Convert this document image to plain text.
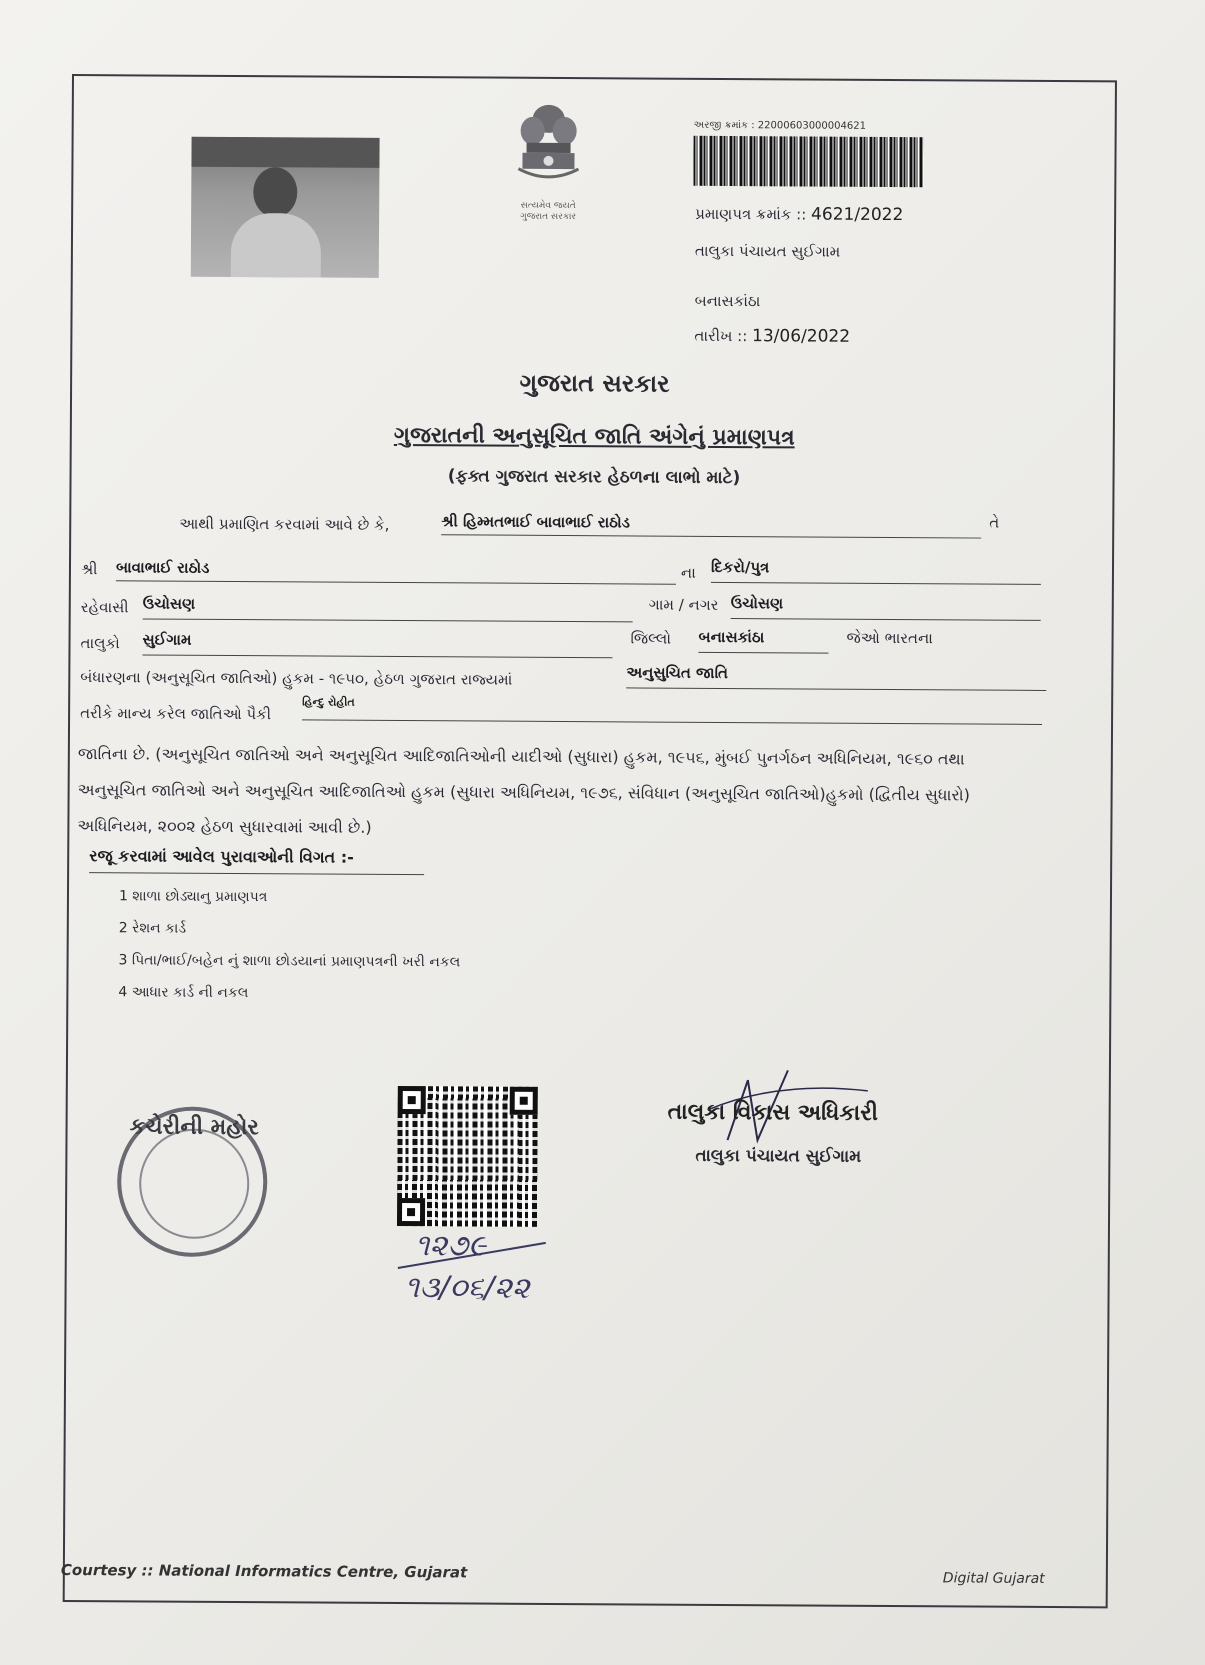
સત્યમેવ જયતે
ગુજરાત સરકાર
અરજી ક્રમાંક : 22000603000004621
પ્રમાણપત્ર ક્રમાંક :: 4621/2022
તાલુકા પંચાયત સુઈગામ
બનાસકાંઠા
તારીખ :: 13/06/2022
ગુજરાત સરકાર
ગુજરાતની અનુસૂચિત જાતિ અંગેનું પ્રમાણપત્ર
(ફક્ત ગુજરાત સરકાર હેઠળના લાભો માટે)
આથી પ્રમાણિત કરવામાં આવે છે કે,	શ્રી હિમ્મતભાઈ બાવાભાઈ રાઠોડ	તે
શ્રી બાવાભાઈ રાઠોડ	ના દિકરો/પુત્ર
રહેવાસી ઉચોસણ	ગામ / નગર ઉચોસણ
તાલુકો સુઈગામ	જિલ્લો બનાસકાંઠા	જેઓ ભારતના
બંધારણના (અનુસૂચિત જાતિઓ) હુકમ - ૧૯૫૦, હેઠળ ગુજરાત રાજ્યમાં	અનુસુચિત જાતિ
તરીકે માન્ય કરેલ જાતિઓ પૈકી
હિન્દુ રોહીત
જાતિના છે. (અનુસૂચિત જાતિઓ અને અનુસૂચિત આદિજાતિઓની યાદીઓ (સુધારા) હુકમ, ૧૯૫૬, મુંબઈ પુનર્ગઠન અધિનિયમ, ૧૯૬૦ તથા
અનુસૂચિત જાતિઓ અને અનુસૂચિત આદિજાતિઓ હુકમ (સુધારા અધિનિયમ, ૧૯૭૬, સંવિધાન (અનુસૂચિત જાતિઓ)હુકમો (દ્વિતીય સુધારો)
અધિનિયમ, ૨૦૦૨ હેઠળ સુધારવામાં આવી છે.)
રજૂ કરવામાં આવેલ પુરાવાઓની વિગત :-
1 શાળા છોડ્યાનુ પ્રમાણપત્ર
2 રેશન કાર્ડ
3 પિતા/ભાઈ/બહેન નું શાળા છોડયાનાં પ્રમાણપત્રની ખરી નકલ
4 આધાર કાર્ડ ની નકલ
કચેરીની મહોર
૧૨૭૯
૧૩/૦૬/૨૨
તાલુકા વિકાસ અધિકારી
તાલુકા પંચાયત સુઈગામ
Courtesy :: National Informatics Centre, Gujarat	Digital Gujarat
